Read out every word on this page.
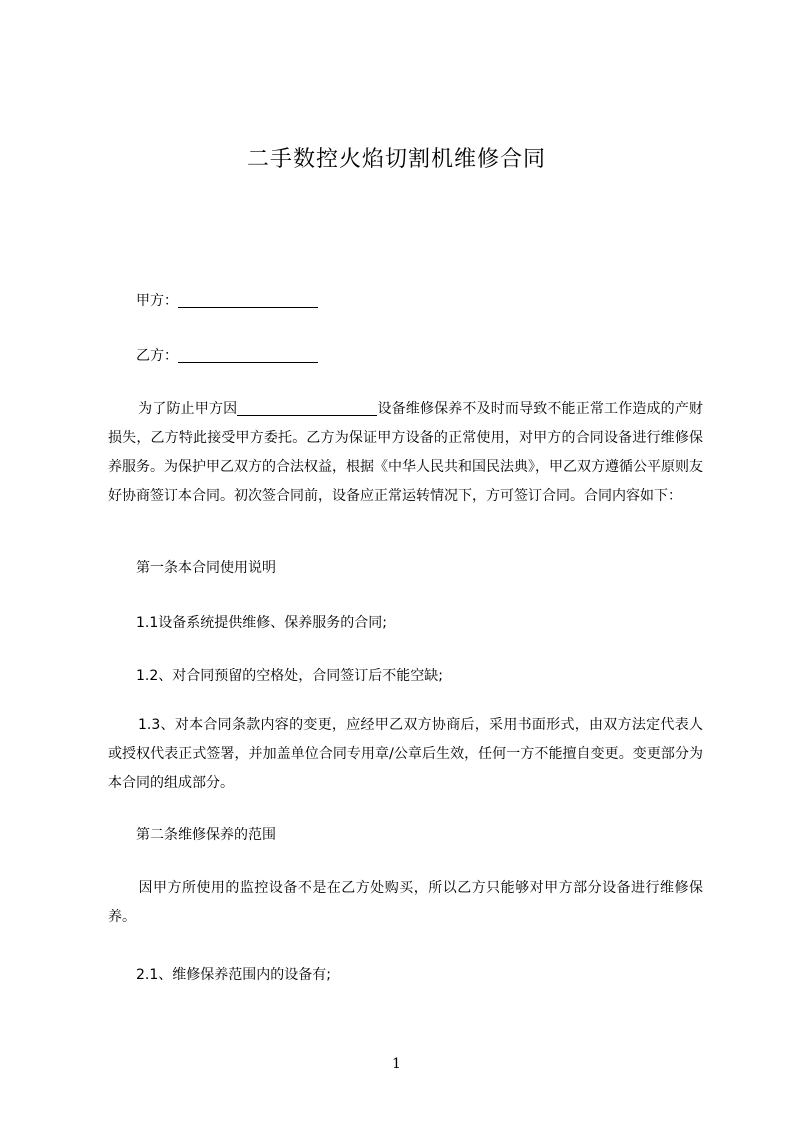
二手数控火焰切割机维修合同
甲方：
乙方：
为了防止甲方因	设备维修保养不及时而导致不能正常工作造成的产财损失，乙方特此接受甲方委托。乙方为保证甲方设备的正常使用，对甲方的合同设备进行维修保养服务。为保护甲乙双方的合法权益，根据《中华人民共和国民法典》，甲乙双方遵循公平原则友好协商签订本合同。初次签合同前，设备应正常运转情况下，方可签订合同。合同内容如下：
第一条本合同使用说明
1.1设备系统提供维修、保养服务的合同;
1.2、对合同预留的空格处，合同签订后不能空缺;
1.3、对本合同条款内容的变更，应经甲乙双方协商后，采用书面形式，由双方法定代表人或授权代表正式签署，并加盖单位合同专用章/公章后生效，任何一方不能擅自变更。变更部分为本合同的组成部分。
第二条维修保养的范围
因甲方所使用的监控设备不是在乙方处购买，所以乙方只能够对甲方部分设备进行维修保养。
2.1、维修保养范围内的设备有;
1
